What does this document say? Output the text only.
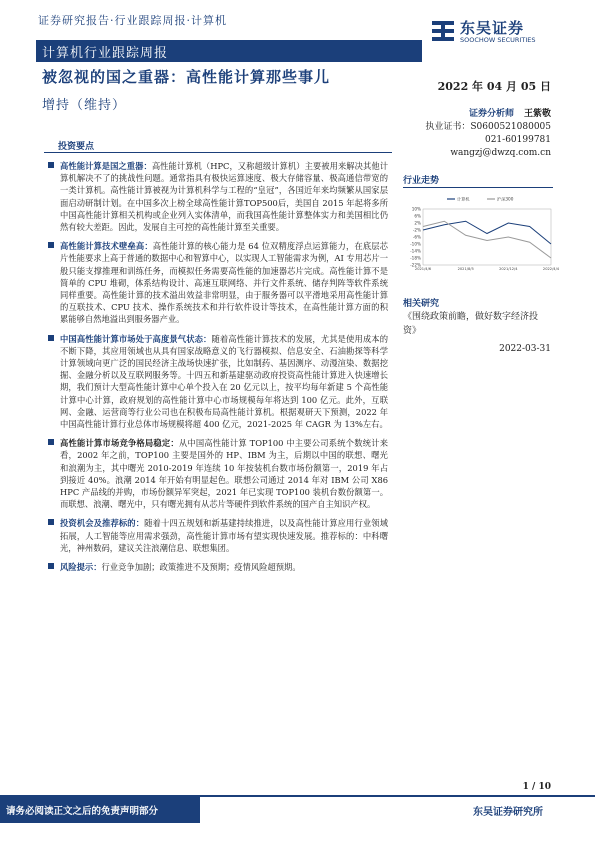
证券研究报告·行业跟踪周报·计算机	东吴证券
SOOCHOW SECURITIES
计算机行业跟踪周报
被忽视的国之重器：高性能计算那些事儿
2022 年 04 月 05 日
增持（维持）
证券分析师 王紫敬
执业证书：S0600521080005
021-60199781
wangzj@dwzq.com.cn
投资要点
高性能计算是国之重器：高性能计算机（HPC，又称超级计算机）主要被用来解决其他计算机解决不了的挑战性问题。通常指具有极快运算速度、极大存储容量、极高通信带宽的一类计算机。高性能计算被视为计算机科学与工程的“皇冠”，各国近年来均频繁从国家层面启动研制计划。在中国多次上榜全球高性能计算TOP500后，美国自 2015 年起将多所中国高性能计算相关机构或企业列入实体清单，而我国高性能计算整体实力和美国相比仍然有较大差距。因此，发展自主可控的高性能计算至关重要。
高性能计算技术壁垒高：高性能计算的核心能力是 64 位双精度浮点运算能力，在底层芯片性能要求上高于普通的数据中心和智算中心，以实现人工智能需求为例，AI 专用芯片一般只能支撑推理和训练任务，而模拟任务需要高性能的加速器芯片完成。高性能计算不是简单的 CPU 堆砌，体系结构设计、高速互联网络、并行文件系统、储存判阵等软件系统同样重要。高性能计算的技术溢出效益非常明显，由于服务器可以平滑地采用高性能计算的互联技术、CPU 技术、操作系统技术和并行软件设计等技术，在高性能计算方面的积累能够自然地溢出到服务器产业。
中国高性能计算市场处于高度景气状态：随着高性能计算技术的发展，尤其是使用成本的不断下降，其应用领域也从具有国家战略意义的飞行器模拟、信息安全、石油勘探等科学计算领域向更广泛的国民经济主战场快速扩张，比如制药、基因测序、动漫渲染、数据挖掘、金融分析以及互联网服务等。十四五和新基建驱动政府投资高性能计算进入快速增长期，我们预计大型高性能计算中心单个投入在 20 亿元以上，按平均每年新建 5 个高性能计算中心计算，政府规划的高性能计算中心市场规模每年将达到 100 亿元。此外，互联网、金融、运营商等行业公司也在积极布局高性能计算机。根据观研天下预测，2022 年中国高性能计算行业总体市场规模将超 400 亿元，2021-2025 年 CAGR 为 13%左右。
高性能计算市场竞争格局稳定：从中国高性能计算 TOP100 中主要公司系统个数统计来看，2002 年之前，TOP100 主要是国外的 HP、IBM 为主，后期以中国的联想、曙光和浪潮为主，其中曙光 2010-2019 年连续 10 年按装机台数市场份额第一，2019 年占到接近 40%。浪潮 2014 年开始有明显起色。联想公司通过 2014 年对 IBM 公司 X86 HPC 产品线的并购，市场份额异军突起，2021 年已实现 TOP100 装机台数份额第一。而联想、浪潮、曙光中，只有曙光拥有从芯片等硬件到软件系统的国产自主知识产权。
投资机会及推荐标的：随着十四五规划和新基建持续推进，以及高性能计算应用行业领域拓展，人工智能等应用需求强劲，高性能计算市场有望实现快速发展。推荐标的：中科曙光，神州数码，建议关注浪潮信息、联想集团。
风险提示：行业竞争加剧；政策推进不及预期；疫情风险超预期。
行业走势
10%
6%
2%
-2%
-6%
-10%
-14%
-18%
-22%
2021/4/6	2021/8/5	2021/12/4	2022/4/4
计算机	沪深300
相关研究
《围绕政策前瞻，做好数字经济投资》
2022-03-31
1 / 10
请务必阅读正文之后的免责声明部分	东吴证券研究所
